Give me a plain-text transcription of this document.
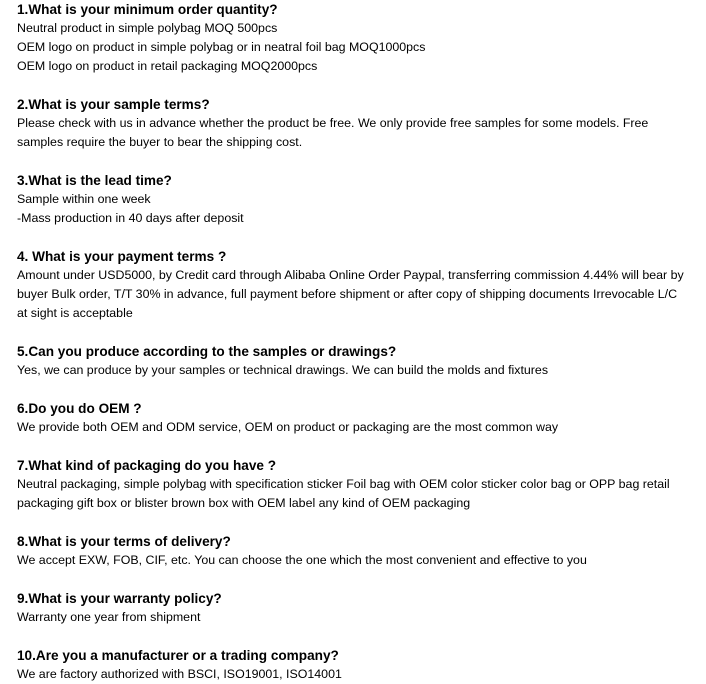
1.What is your minimum order quantity?

Neutral product in simple polybag MOQ 500pcs

OEM logo on product in simple polybag or in neatral foil bag MOQ1000pcs

OEM logo on product in retail packaging MOQ2000pcs

2.What is your sample terms?

Please check with us in advance whether the product be free. We only provide free samples for some models. Free samples require the buyer to bear the shipping cost.

3.What is the lead time?

Sample within one week

-Mass production in 40 days after deposit

4. What is your payment terms ?

Amount under USD5000, by Credit card through Alibaba Online Order Paypal, transferring commission 4.44% will bear by buyer Bulk order, T/T 30% in advance, full payment before shipment or after copy of shipping documents Irrevocable L/C at sight is acceptable

5.Can you produce according to the samples or drawings?

Yes, we can produce by your samples or technical drawings. We can build the molds and fixtures

6.Do you do OEM ?

We provide both OEM and ODM service, OEM on product or packaging are the most common way

7.What kind of packaging do you have ?

Neutral packaging, simple polybag with specification sticker Foil bag with OEM color sticker color bag or OPP bag retail packaging gift box or blister brown box with OEM label any kind of OEM packaging

8.What is your terms of delivery?

We accept EXW, FOB, CIF, etc. You can choose the one which the most convenient and effective to you

9.What is your warranty policy?

Warranty one year from shipment

10.Are you a manufacturer or a trading company?

We are factory authorized with BSCI, ISO19001, ISO14001
